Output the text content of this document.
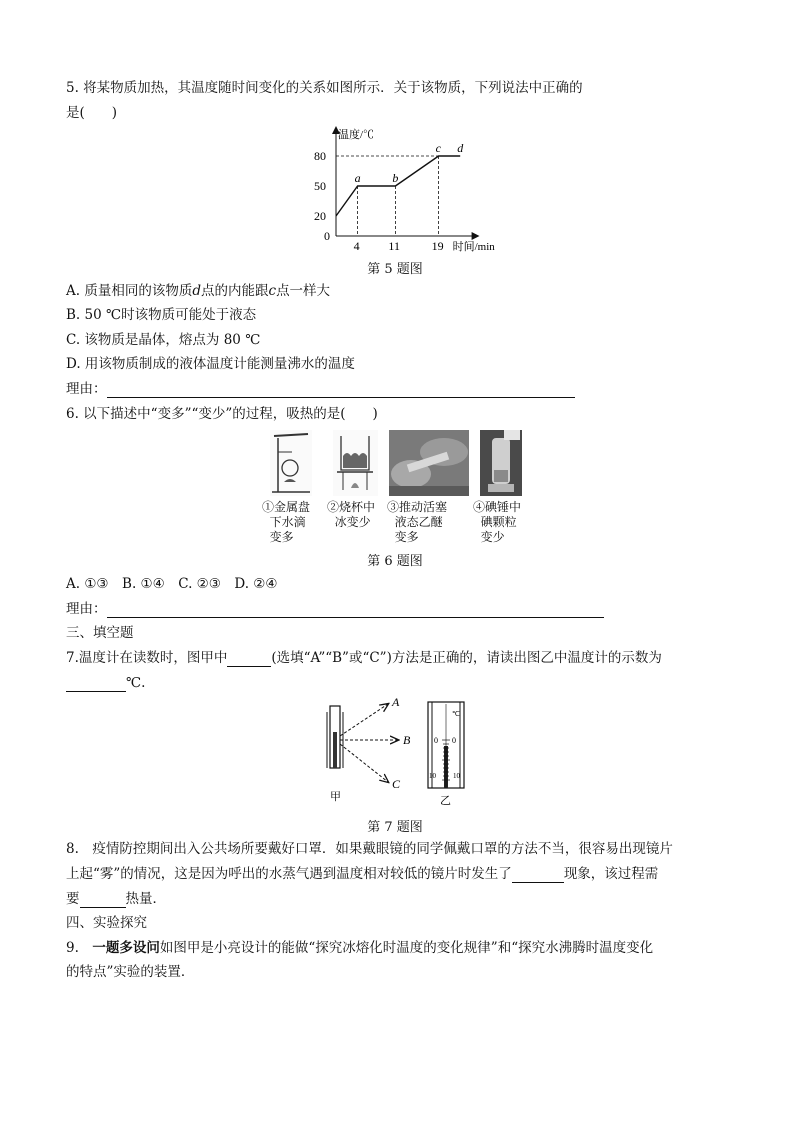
5. 将某物质加热，其温度随时间变化的关系如图所示．关于该物质，下列说法中正确的
是(　　)
温度/℃
时间/min
0
80
50
20
4 11	19
a	b
c d
第 5 题图
A. 质量相同的该物质d点的内能跟c点一样大
B. 50 ℃时该物质可能处于液态
C. 该物质是晶体，熔点为 80 ℃
D. 用该物质制成的液体温度计能测量沸水的温度
理由：
6. 以下描述中“变多”“变少”的过程，吸热的是(　　)
①金属盘
下水滴
变多
②烧杯中
冰变少
③推动活塞
液态乙醚
变多
④碘锤中
碘颗粒
变少
第 6 题图
A. ①③　B. ①④　C. ②③　D. ②④
理由：
三、填空题
7.温度计在读数时，图甲中	(选填“A”“B”或“C”)方法是正确的，请读出图乙中温度计的示数为
℃.
A
B
C
甲
℃
0 0
10 10
乙
第 7 题图
8.　疫情防控期间出入公共场所要戴好口罩．如果戴眼镜的同学佩戴口罩的方法不当，很容易出现镜片
上起“雾”的情况，这是因为呼出的水蒸气遇到温度相对较低的镜片时发生了	现象，该过程需
要	热量．
四、实验探究
9.　一题多设问如图甲是小亮设计的能做“探究冰熔化时温度的变化规律”和“探究水沸腾时温度变化
的特点”实验的装置．
